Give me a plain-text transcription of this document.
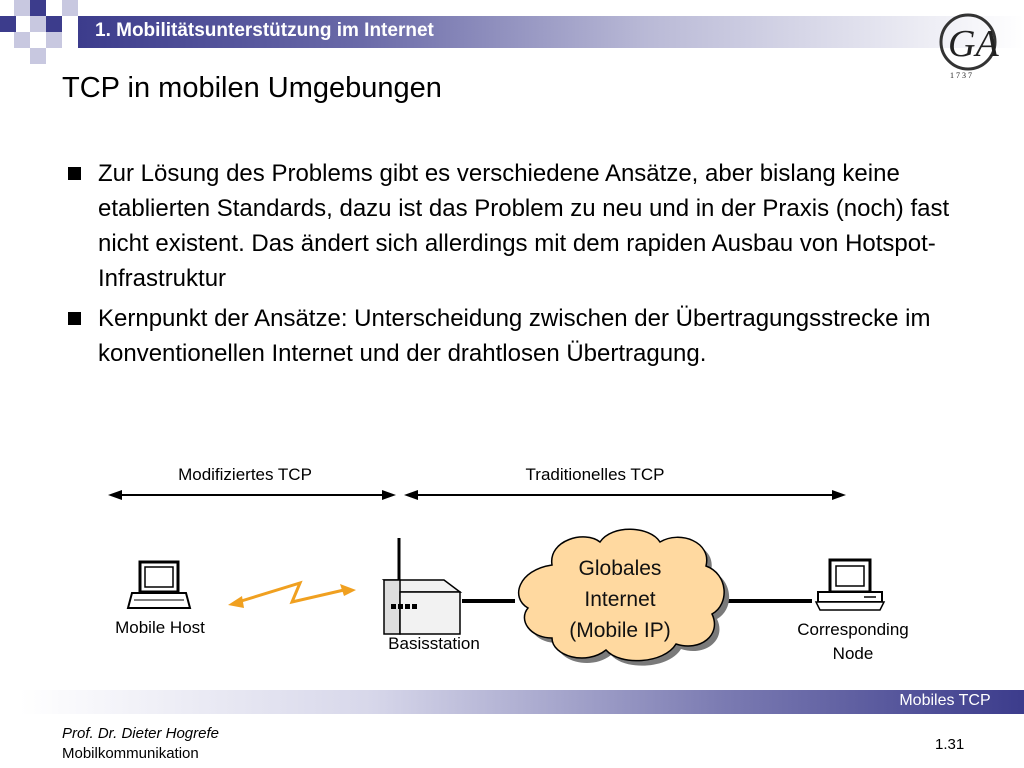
1. Mobilitätsunterstützung im Internet	GA
1 7 3 7
TCP in mobilen Umgebungen
Zur Lösung des Problems gibt es verschiedene Ansätze, aber bislang keine etablierten Standards, dazu ist das Problem zu neu und in der Praxis (noch) fast nicht existent. Das ändert sich allerdings mit dem rapiden Ausbau von Hotspot-Infrastruktur
Kernpunkt der Ansätze: Unterscheidung zwischen der Übertragungsstrecke im konventionellen Internet und der drahtlosen Übertragung.
Modifiziertes TCP	Traditionelles TCP
Globales
Internet
(Mobile IP)
Mobile Host
Basisstation
Corresponding
Node
Mobiles TCP
Prof. Dr. Dieter Hogrefe
Mobilkommunikation
1.31
